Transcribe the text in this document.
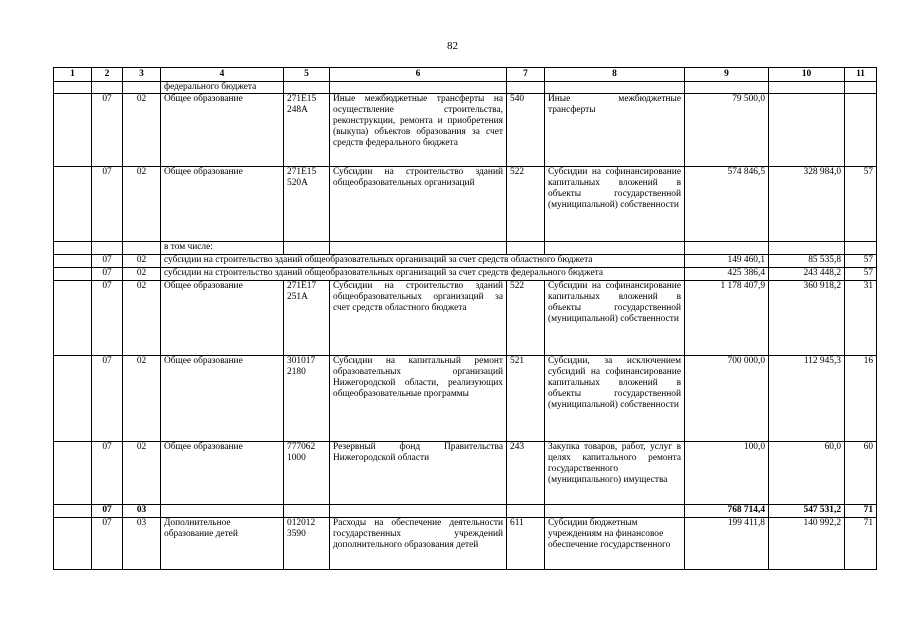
82
1	2	3	4	5	6	7	8	9	10	11
			федерального бюджета							
	07	02	Общее образование	271E15 248A	Иные межбюджетные трансферты на осуществление строительства, реконструкции, ремонта и приобретения (выкупа) объектов образования за счет средств федерального бюджета	540	Иные межбюджетные трансферты	79 500,0		
	07	02	Общее образование	271E15 520A	Субсидии на строительство зданий общеобразовательных организаций	522	Субсидии на софинансирование капитальных вложений в объекты государственной (муниципальной) собственности	574 846,5	328 984,0	57
			в том числе:							
	07	02	субсидии на строительство зданий общеобразовательных организаций за счет средств областного бюджета					149 460,1	85 535,8	57
	07	02	субсидии на строительство зданий общеобразовательных организаций за счет средств федерального бюджета					425 386,4	243 448,2	57
	07	02	Общее образование	271E17 251A	Субсидии на строительство зданий общеобразовательных организаций за счет средств областного бюджета	522	Субсидии на софинансирование капитальных вложений в объекты государственной (муниципальной) собственности	1 178 407,9	360 918,2	31
	07	02	Общее образование	301017 2180	Субсидии на капитальный ремонт образовательных организаций Нижегородской области, реализующих общеобразовательные программы	521	Субсидии, за исключением субсидий на софинансирование капитальных вложений в объекты государственной (муниципальной) собственности	700 000,0	112 945,3	16
	07	02	Общее образование	777062 1000	Резервный фонд Правительства Нижегородской области	243	Закупка товаров, работ, услуг в целях капитального ремонта государственного (муниципального) имущества	100,0	60,0	60
	07	03						768 714,4	547 531,2	71
	07	03	Дополнительное образование детей	012012 3590	Расходы на обеспечение деятельности государственных учреждений дополнительного образования детей	611	Субсидии бюджетным учреждениям на финансовое обеспечение государственного	199 411,8	140 992,2	71
